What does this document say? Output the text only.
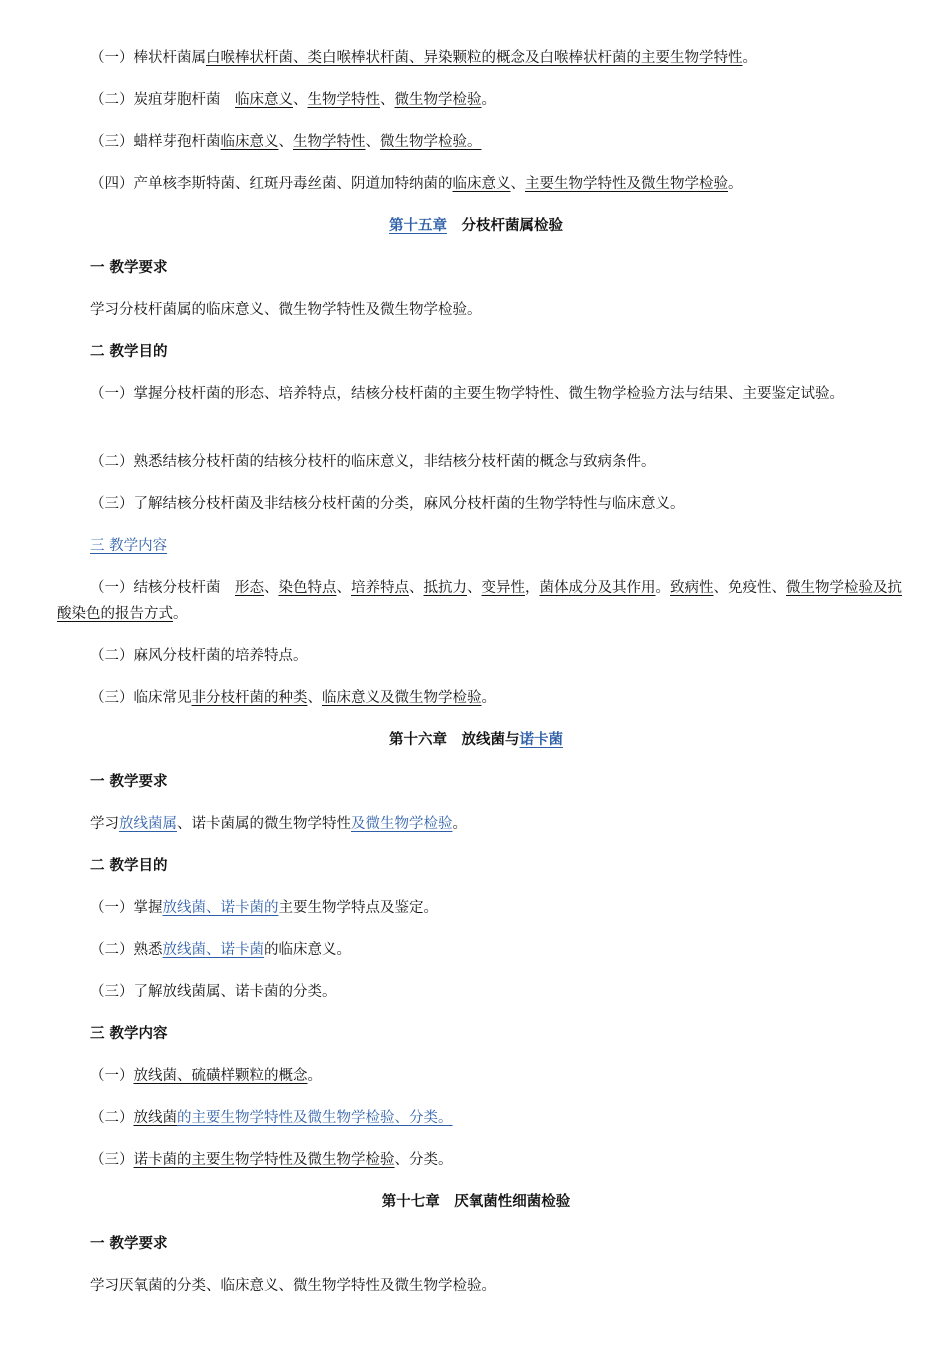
（一）棒状杆菌属白喉棒状杆菌、类白喉棒状杆菌、异染颗粒的概念及白喉棒状杆菌的主要生物学特性。
（二）炭疽芽胞杆菌　临床意义、生物学特性、微生物学检验。
（三）蜡样芽孢杆菌临床意义、生物学特性、微生物学检验。
（四）产单核李斯特菌、红斑丹毒丝菌、阴道加特纳菌的临床意义、主要生物学特性及微生物学检验。
第十五章　分枝杆菌属检验
一 教学要求
学习分枝杆菌属的临床意义、微生物学特性及微生物学检验。
二 教学目的
（一）掌握分枝杆菌的形态、培养特点，结核分枝杆菌的主要生物学特性、微生物学检验方法与结果、主要鉴定试验。
（二）熟悉结核分枝杆菌的结核分枝杆的临床意义，非结核分枝杆菌的概念与致病条件。
（三）了解结核分枝杆菌及非结核分枝杆菌的分类，麻风分枝杆菌的生物学特性与临床意义。
三 教学内容
（一）结核分枝杆菌　形态、染色特点、培养特点、抵抗力、变异性，菌体成分及其作用。致病性、免疫性、微生物学检验及抗酸染色的报告方式。
（二）麻风分枝杆菌的培养特点。
（三）临床常见非分枝杆菌的种类、临床意义及微生物学检验。
第十六章　放线菌与诺卡菌
一 教学要求
学习放线菌属、诺卡菌属的微生物学特性及微生物学检验。
二 教学目的
（一）掌握放线菌、诺卡菌的主要生物学特点及鉴定。
（二）熟悉放线菌、诺卡菌的临床意义。
（三）了解放线菌属、诺卡菌的分类。
三 教学内容
（一）放线菌、硫磺样颗粒的概念。
（二）放线菌的主要生物学特性及微生物学检验、分类。
（三）诺卡菌的主要生物学特性及微生物学检验、分类。
第十七章　厌氧菌性细菌检验
一 教学要求
学习厌氧菌的分类、临床意义、微生物学特性及微生物学检验。
